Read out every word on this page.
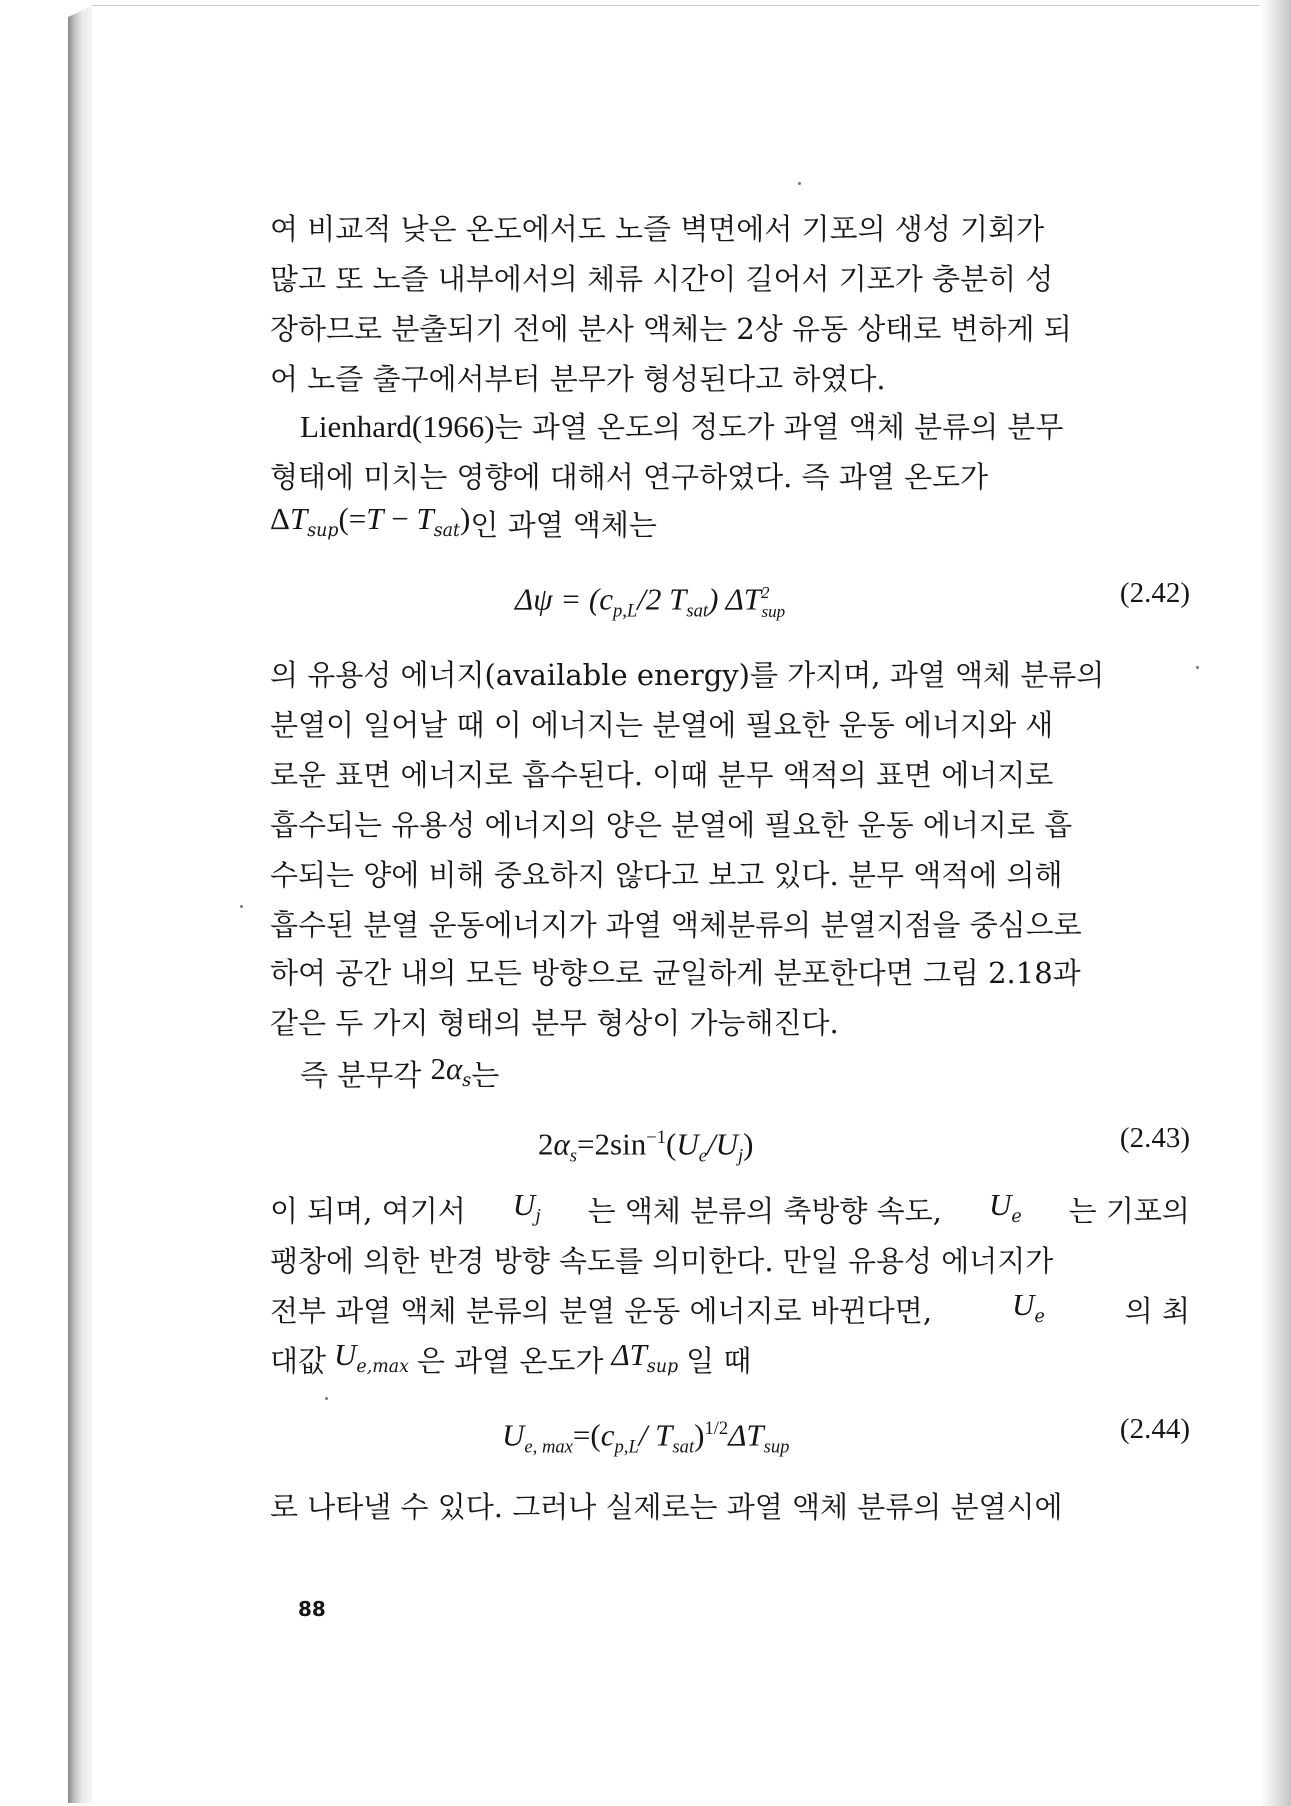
여 비교적 낮은 온도에서도 노즐 벽면에서 기포의 생성 기회가
많고 또 노즐 내부에서의 체류 시간이 길어서 기포가 충분히 성
장하므로 분출되기 전에 분사 액체는 2상 유동 상태로 변하게 되
어 노즐 출구에서부터 분무가 형성된다고 하였다.
Lienhard(1966) 는 과열 온도의 정도가 과열 액체 분류의 분무
형태에 미치는 영향에 대해서 연구하였다. 즉 과열 온도가
$\Delta T_{sup}(=T - T_{sat})$ 인 과열 액체는
$\Delta\psi = (c_{p,L}/2$ $T_{sat}$) $\Delta T^2_{sup}$
(2.42)
의 유용성 에너지(available energy)를 가지며, 과열 액체 분류의
분열이 일어날 때 이 에너지는 분열에 필요한 운동 에너지와 새
로운 표면 에너지로 흡수된다. 이때 분무 액적의 표면 에너지로
흡수되는 유용성 에너지의 양은 분열에 필요한 운동 에너지로 흡
수되는 양에 비해 중요하지 않다고 보고 있다. 분무 액적에 의해
흡수된 분열 운동에너지가 과열 액체분류의 분열지점을 중심으로
하여 공간 내의 모든 방향으로 균일하게 분포한다면 그림 2.18과
같은 두 가지 형태의 분무 형상이 가능해진다.
즉 분무각
$2\alpha_s$ 는
$2\alpha_s=2\sin^{-1}(U_e/U_j)$	(2.43)
이 되며, 여기서 $U_j$ 는 액체 분류의 축방향 속도, $U_e$ 는 기포의
팽창에 의한 반경 방향 속도를 의미한다. 만일 유용성 에너지가
전부 과열 액체 분류의 분열 운동 에너지로 바뀐다면,	$U_e$	의 최
대값 $U_{e,max}$ 은 과열 온도가 $\Delta T_{sup}$ 일 때
$U_{e, max}=(c_{p,L}/$ $T_{sat})^{1/2}\Delta T_{sup}$
(2.44)
로 나타낼 수 있다. 그러나 실제로는 과열 액체 분류의 분열시에
88
